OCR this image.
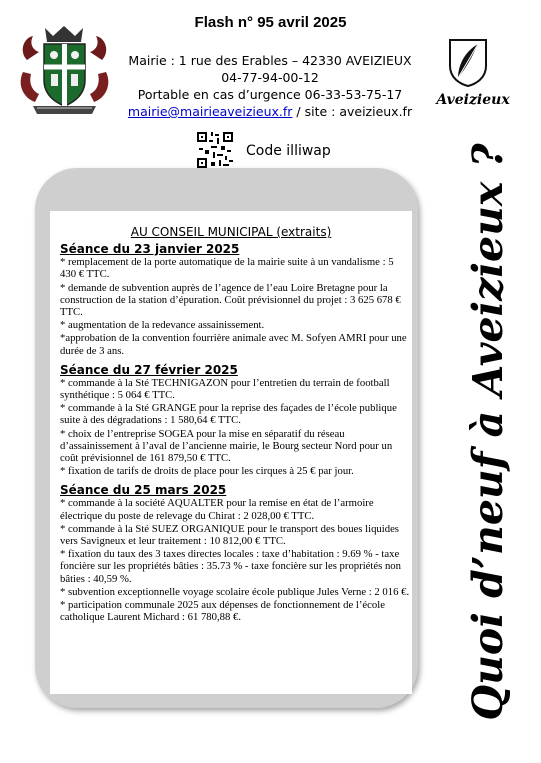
Flash n° 95 avril 2025
Mairie : 1 rue des Erables – 42330 AVEIZIEUX
04-77-94-00-12
Portable en cas d’urgence 06-33-53-75-17
mairie@mairieaveizieux.fr / site : aveizieux.fr
Aveizieux
Code illiwap
AU CONSEIL MUNICIPAL (extraits)
Séance du 23 janvier 2025

* remplacement de la porte automatique de la mairie suite à un vandalisme : 5 430 € TTC.

* demande de subvention auprès de l’agence de l’eau Loire Bretagne pour la construction de la station d’épuration. Coût prévisionnel du projet : 3 625 678 € TTC.

* augmentation de la redevance assainissement.

*approbation de la convention fourrière animale avec M. Sofyen AMRI pour une durée de 3 ans.

Séance du 27 février 2025

* commande à la Sté TECHNIGAZON pour l’entretien du terrain de football synthétique : 5 064 € TTC.

* commande à la Sté GRANGE pour la reprise des façades de l’école publique suite à des dégradations : 1 580,64 € TTC.

* choix de l’entreprise SOGEA pour la mise en séparatif du réseau d’assainissement à l’aval de l’ancienne mairie, le Bourg secteur Nord pour un coût prévisionnel de 161 879,50 € TTC.

* fixation de tarifs de droits de place pour les cirques à 25 € par jour.

Séance du 25 mars 2025

* commande à la société AQUALTER pour la remise en état de l’armoire électrique du poste de relevage du Chirat : 2 028,00 € TTC.

* commande à la Sté SUEZ ORGANIQUE pour le transport des boues liquides vers Savigneux et leur traitement : 10 812,00 € TTC.

* fixation du taux des 3 taxes directes locales : taxe d’habitation : 9.69 % - taxe foncière sur les propriétés bâties : 35.73 % - taxe foncière sur les propriétés non bâties : 40,59 %.

* subvention exceptionnelle voyage scolaire école publique Jules Verne : 2 016 €.

* participation communale 2025 aux dépenses de fonctionnement de l’école catholique Laurent Michard : 61 780,88 €.	Quoi d’neuf à Aveizieux ?
